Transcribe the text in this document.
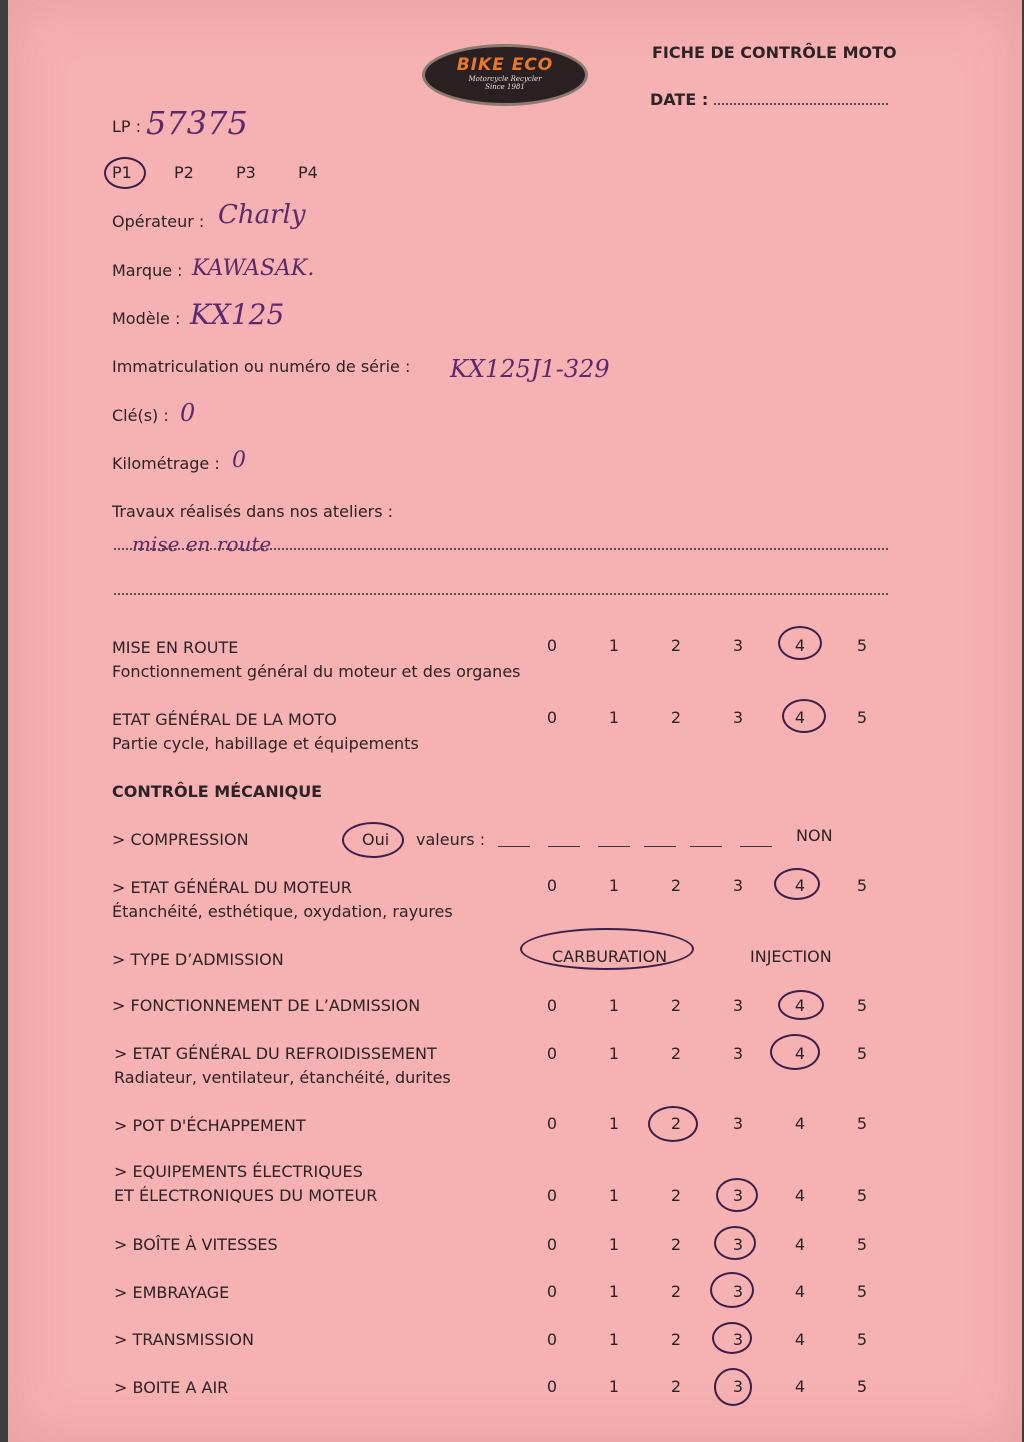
BIKE ECO
Motorcycle Recycler
Since 1981
FICHE DE CONTRÔLE MOTO
DATE :
LP : 57375
P1	P2	P3	P4
Opérateur : Charly
Marque : KAWASAK.
Modèle : KX125
Immatriculation ou numéro de série : KX125J1-329
Clé(s) : 0
Kilométrage : 0
Travaux réalisés dans nos ateliers :
mise en route
MISE EN ROUTE
Fonctionnement général du moteur et des organes
0	1	2	3	4	5
ETAT GÉNÉRAL DE LA MOTO
Partie cycle, habillage et équipements
0	1	2	3	4	5
CONTRÔLE MÉCANIQUE
> COMPRESSION	Oui valeurs :	NON
> ETAT GÉNÉRAL DU MOTEUR
Étanchéité, esthétique, oxydation, rayures
0	1	2	3	4	5
> TYPE D’ADMISSION	CARBURATION	INJECTION
> FONCTIONNEMENT DE L’ADMISSION	0	1	2	3	4	5
> ETAT GÉNÉRAL DU REFROIDISSEMENT
Radiateur, ventilateur, étanchéité, durites
0	1	2	3	4	5
> POT D'ÉCHAPPEMENT	0	1	2	3	4	5
> EQUIPEMENTS ÉLECTRIQUES
ET ÉLECTRONIQUES DU MOTEUR	0	1	2	3	4	5
> BOÎTE À VITESSES	0	1	2	3	4	5
> EMBRAYAGE	0	1	2	3	4	5
> TRANSMISSION	0	1	2	3	4	5
> BOITE A AIR	0	1	2	3	4	5
